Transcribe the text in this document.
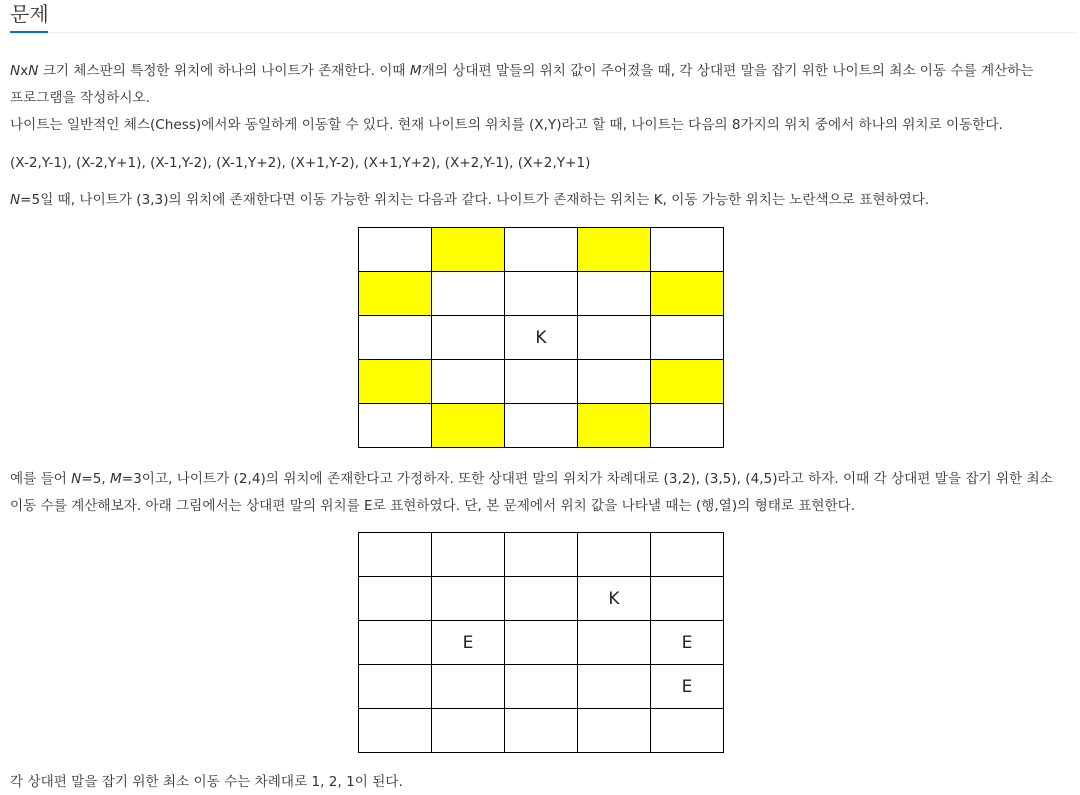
문제
NxN 크기 체스판의 특정한 위치에 하나의 나이트가 존재한다. 이때 M개의 상대편 말들의 위치 값이 주어졌을 때, 각 상대편 말을 잡기 위한 나이트의 최소 이동 수를 계산하는
프로그램을 작성하시오.
나이트는 일반적인 체스(Chess)에서와 동일하게 이동할 수 있다. 현재 나이트의 위치를 (X,Y)라고 할 때, 나이트는 다음의 8가지의 위치 중에서 하나의 위치로 이동한다.
(X-2,Y-1), (X-2,Y+1), (X-1,Y-2), (X-1,Y+2), (X+1,Y-2), (X+1,Y+2), (X+2,Y-1), (X+2,Y+1)
N=5일 때, 나이트가 (3,3)의 위치에 존재한다면 이동 가능한 위치는 다음과 같다. 나이트가 존재하는 위치는 K, 이동 가능한 위치는 노란색으로 표현하였다.

		K		

예를 들어 N=5, M=3이고, 나이트가 (2,4)의 위치에 존재한다고 가정하자. 또한 상대편 말의 위치가 차례대로 (3,2), (3,5), (4,5)라고 하자. 이때 각 상대편 말을 잡기 위한 최소
이동 수를 계산해보자. 아래 그림에서는 상대편 말의 위치를 E로 표현하였다. 단, 본 문제에서 위치 값을 나타낼 때는 (행,열)의 형태로 표현한다.

			K	
	E			E
				E

각 상대편 말을 잡기 위한 최소 이동 수는 차례대로 1, 2, 1이 된다.
